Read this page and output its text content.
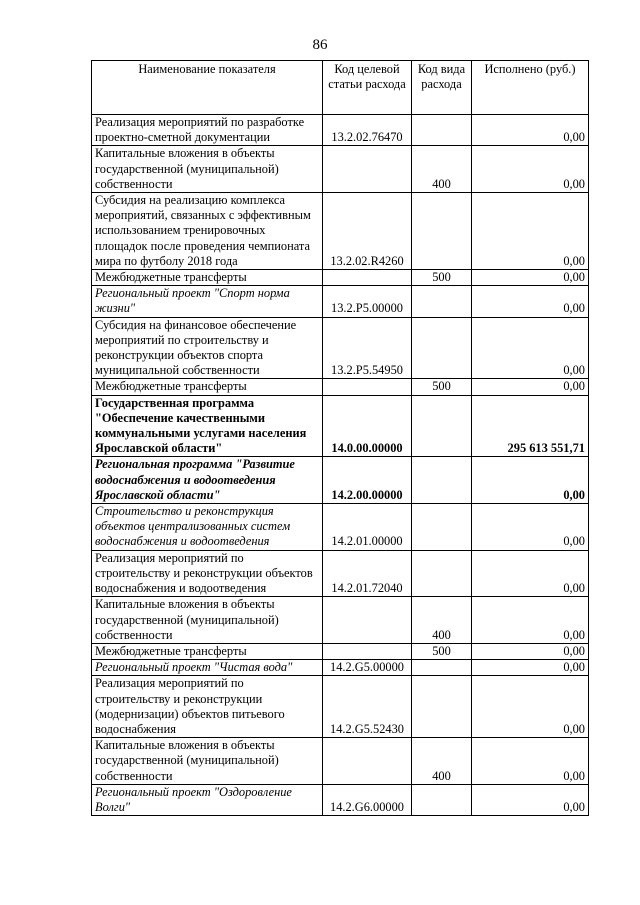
86
Наименование показателя	Код целевой статьи расхода	Код вида расхода	Исполнено (руб.)
Реализация мероприятий по разработке проектно-сметной документации	13.2.02.76470		0,00
Капитальные вложения в объекты государственной (муниципальной) собственности		400	0,00
Субсидия на реализацию комплекса мероприятий, связанных с эффективным использованием тренировочных площадок после проведения чемпионата мира по футболу 2018 года	13.2.02.R4260		0,00
Межбюджетные трансферты		500	0,00
Региональный проект "Спорт норма жизни"	13.2.P5.00000		0,00
Субсидия на финансовое обеспечение мероприятий по строительству и реконструкции объектов спорта муниципальной собственности	13.2.P5.54950		0,00
Межбюджетные трансферты		500	0,00
Государственная программа "Обеспечение качественными коммунальными услугами населения Ярославской области"	14.0.00.00000		295 613 551,71
Региональная программа "Развитие водоснабжения и водоотведения Ярославской области"	14.2.00.00000		0,00
Строительство и реконструкция объектов централизованных систем водоснабжения и водоотведения	14.2.01.00000		0,00
Реализация мероприятий по строительству и реконструкции объектов водоснабжения и водоотведения	14.2.01.72040		0,00
Капитальные вложения в объекты государственной (муниципальной) собственности		400	0,00
Межбюджетные трансферты		500	0,00
Региональный проект "Чистая вода"	14.2.G5.00000		0,00
Реализация мероприятий по строительству и реконструкции (модернизации) объектов питьевого водоснабжения	14.2.G5.52430		0,00
Капитальные вложения в объекты государственной (муниципальной) собственности		400	0,00
Региональный проект "Оздоровление Волги"	14.2.G6.00000		0,00
